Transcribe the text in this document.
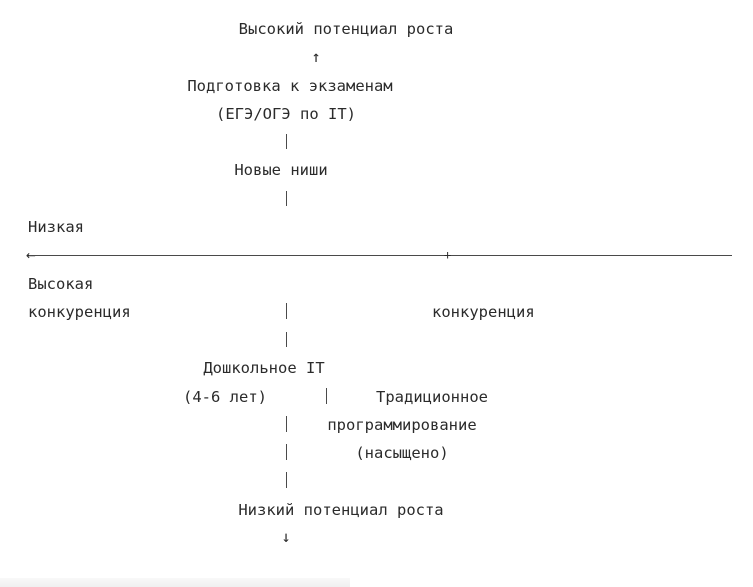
Высокий потенциал роста
↑
Подготовка к экзаменам
(ЕГЭ/ОГЭ по IT)
Новые ниши
Низкая
←	+
Высокая
конкуренция	конкуренция
Дошкольное IT
(4-6 лет)	Традиционное
программирование
(насыщено)
Низкий потенциал роста
↓
